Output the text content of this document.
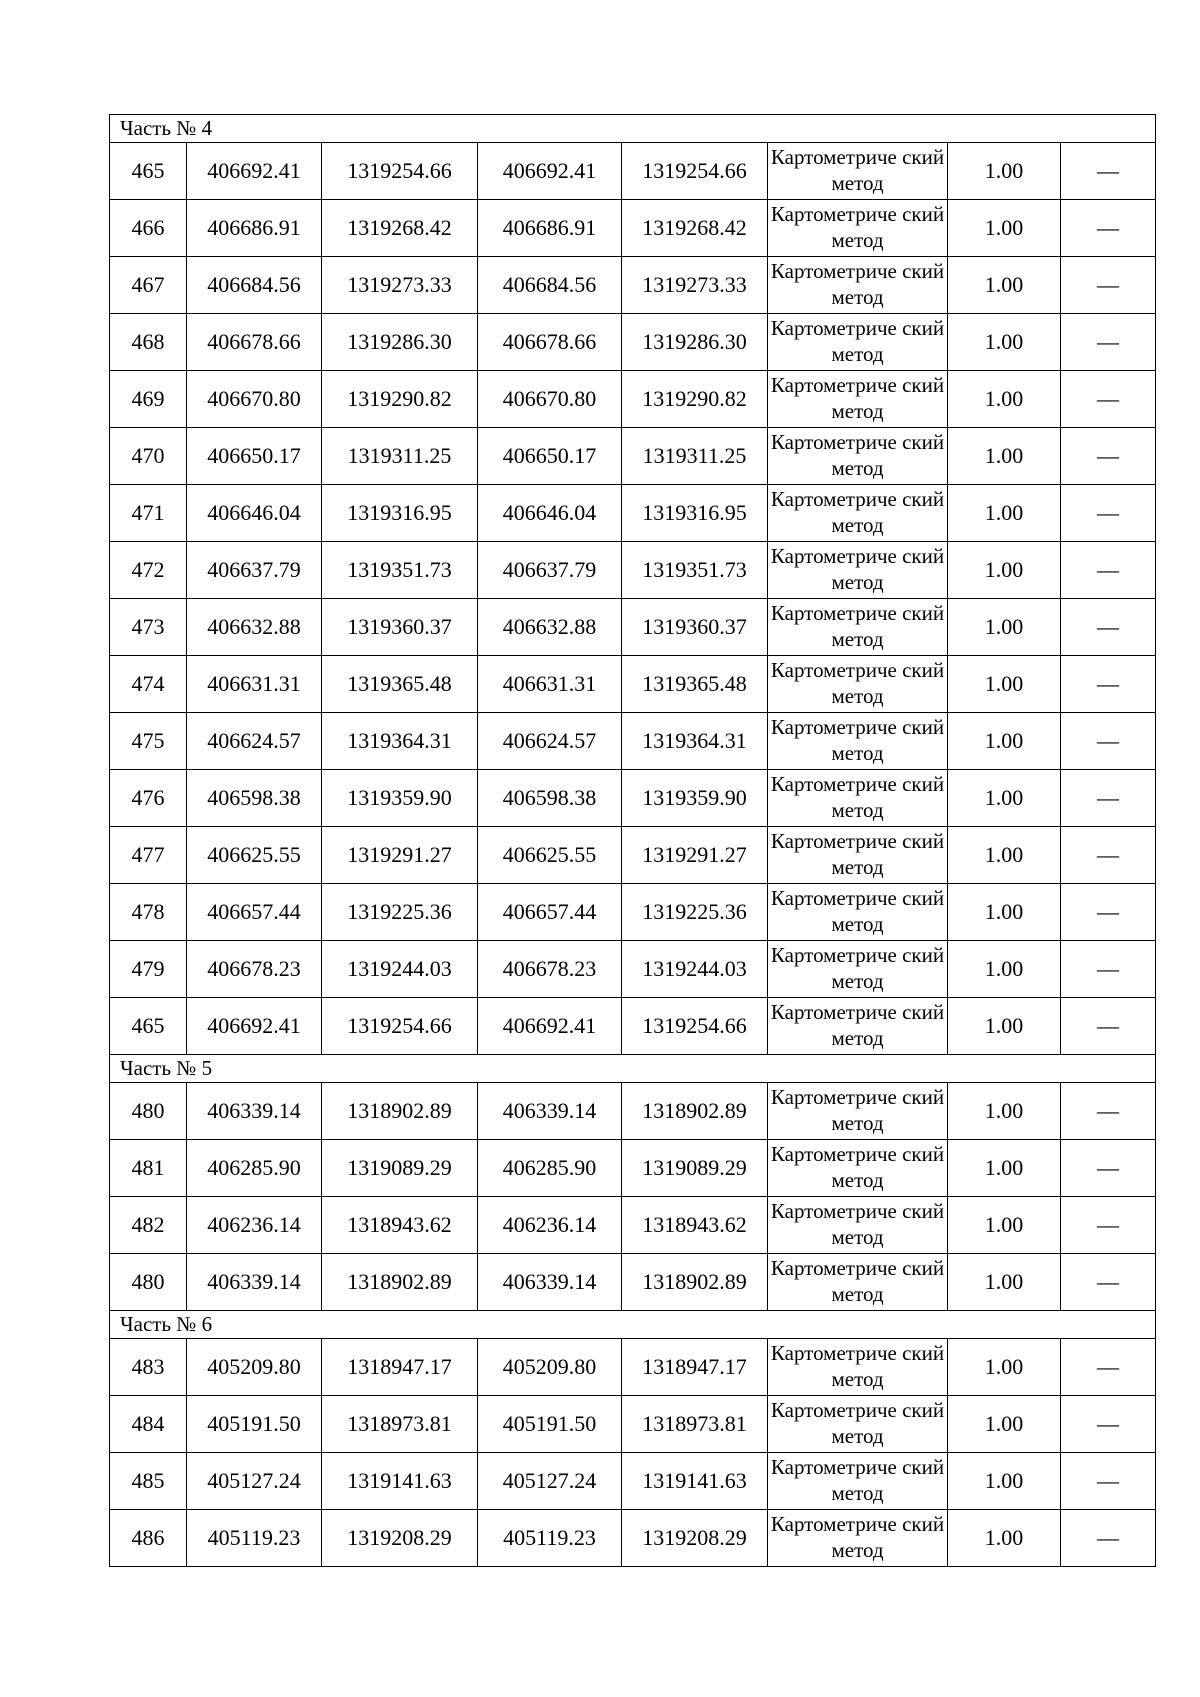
Часть № 4							
465	406692.41	1319254.66	406692.41	1319254.66	Картометриче ский метод	1.00	—
466	406686.91	1319268.42	406686.91	1319268.42	Картометриче ский метод	1.00	—
467	406684.56	1319273.33	406684.56	1319273.33	Картометриче ский метод	1.00	—
468	406678.66	1319286.30	406678.66	1319286.30	Картометриче ский метод	1.00	—
469	406670.80	1319290.82	406670.80	1319290.82	Картометриче ский метод	1.00	—
470	406650.17	1319311.25	406650.17	1319311.25	Картометриче ский метод	1.00	—
471	406646.04	1319316.95	406646.04	1319316.95	Картометриче ский метод	1.00	—
472	406637.79	1319351.73	406637.79	1319351.73	Картометриче ский метод	1.00	—
473	406632.88	1319360.37	406632.88	1319360.37	Картометриче ский метод	1.00	—
474	406631.31	1319365.48	406631.31	1319365.48	Картометриче ский метод	1.00	—
475	406624.57	1319364.31	406624.57	1319364.31	Картометриче ский метод	1.00	—
476	406598.38	1319359.90	406598.38	1319359.90	Картометриче ский метод	1.00	—
477	406625.55	1319291.27	406625.55	1319291.27	Картометриче ский метод	1.00	—
478	406657.44	1319225.36	406657.44	1319225.36	Картометриче ский метод	1.00	—
479	406678.23	1319244.03	406678.23	1319244.03	Картометриче ский метод	1.00	—
465	406692.41	1319254.66	406692.41	1319254.66	Картометриче ский метод	1.00	—
Часть № 5							
480	406339.14	1318902.89	406339.14	1318902.89	Картометриче ский метод	1.00	—
481	406285.90	1319089.29	406285.90	1319089.29	Картометриче ский метод	1.00	—
482	406236.14	1318943.62	406236.14	1318943.62	Картометриче ский метод	1.00	—
480	406339.14	1318902.89	406339.14	1318902.89	Картометриче ский метод	1.00	—
Часть № 6							
483	405209.80	1318947.17	405209.80	1318947.17	Картометриче ский метод	1.00	—
484	405191.50	1318973.81	405191.50	1318973.81	Картометриче ский метод	1.00	—
485	405127.24	1319141.63	405127.24	1319141.63	Картометриче ский метод	1.00	—
486	405119.23	1319208.29	405119.23	1319208.29	Картометриче ский метод	1.00	—
